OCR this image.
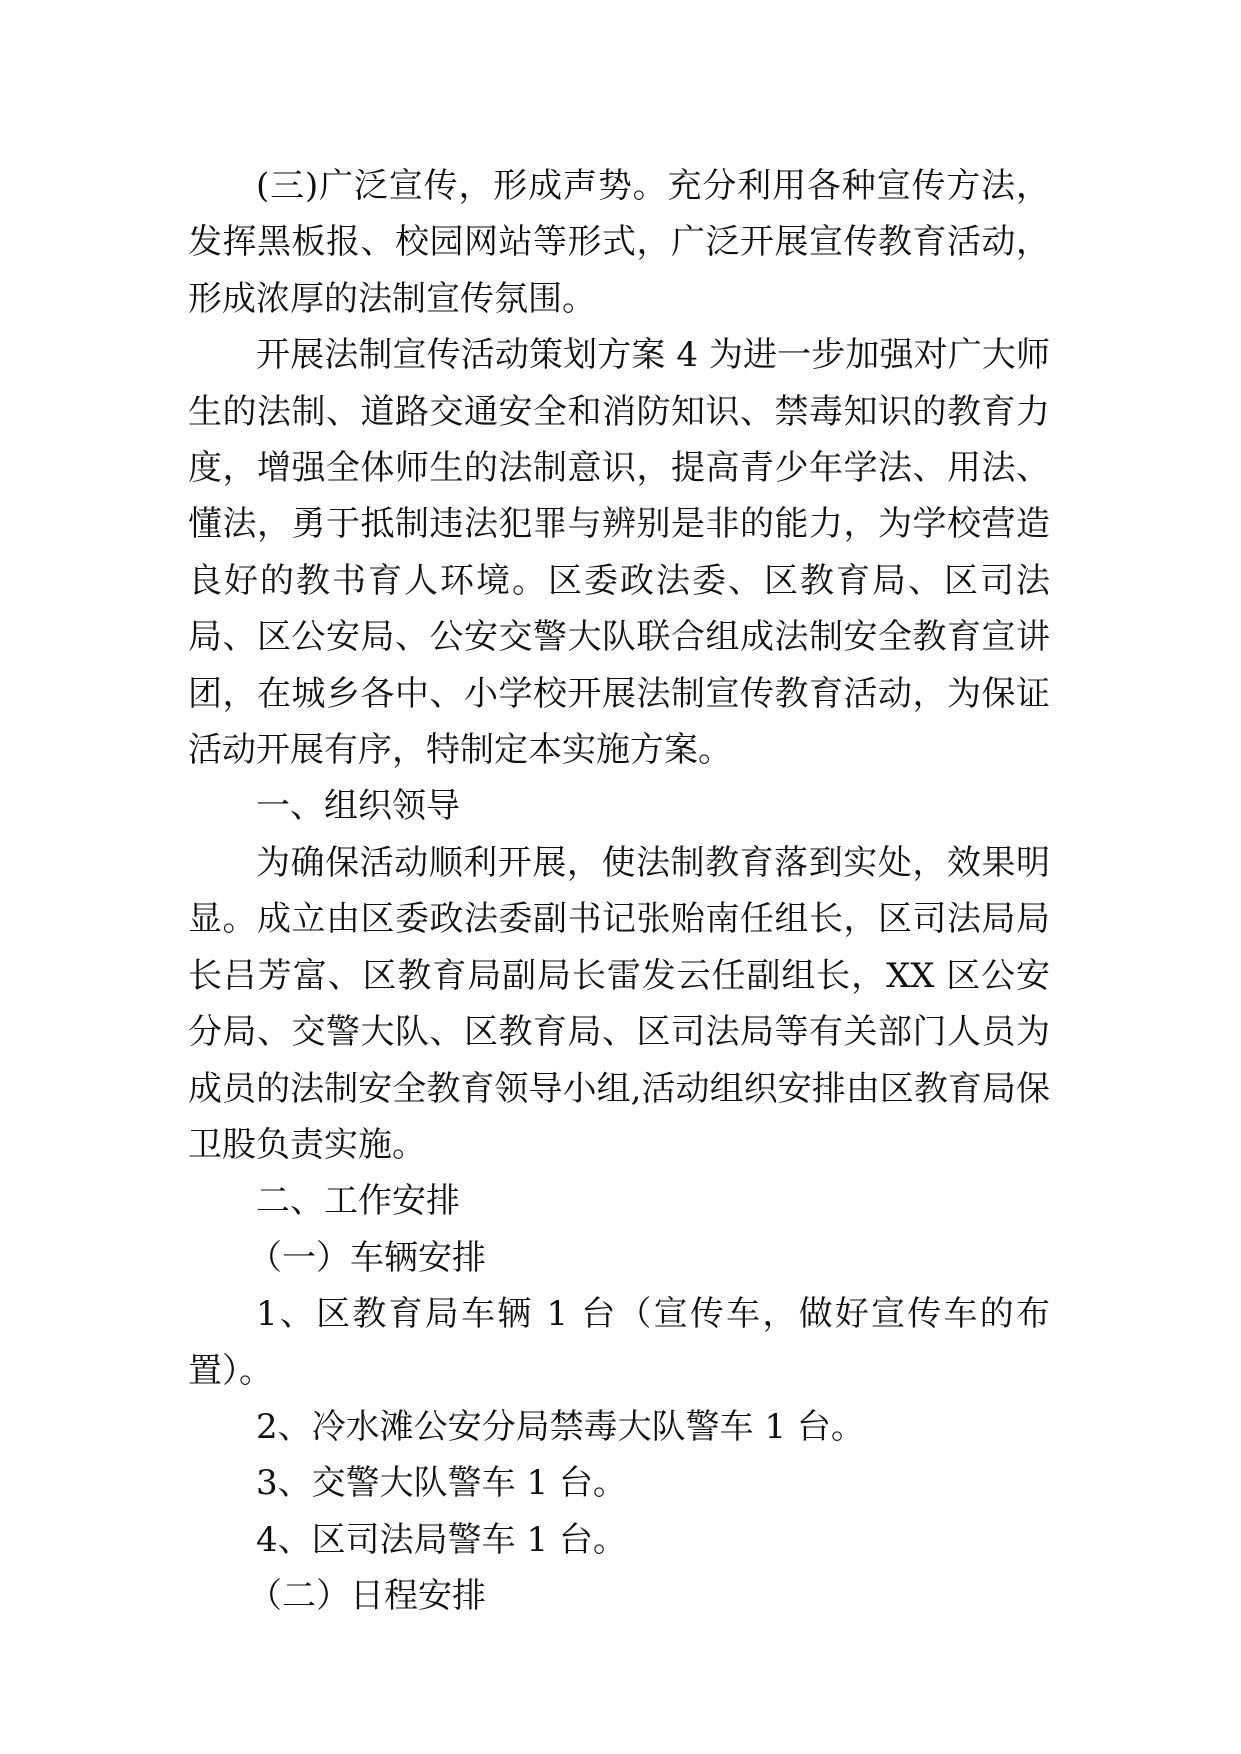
(三)广泛宣传，形成声势。充分利用各种宣传方法，发挥黑板报、校园网站等形式，广泛开展宣传教育活动，形成浓厚的法制宣传氛围。

开展法制宣传活动策划方案 4 为进一步加强对广大师生的法制、道路交通安全和消防知识、禁毒知识的教育力度，增强全体师生的法制意识，提高青少年学法、用法、懂法，勇于抵制违法犯罪与辨别是非的能力，为学校营造良好的教书育人环境。区委政法委、区教育局、区司法局、区公安局、公安交警大队联合组成法制安全教育宣讲团，在城乡各中、小学校开展法制宣传教育活动，为保证活动开展有序，特制定本实施方案。

一、组织领导

为确保活动顺利开展，使法制教育落到实处，效果明显。成立由区委政法委副书记张贻南任组长，区司法局局长吕芳富、区教育局副局长雷发云任副组长，XX 区公安分局、交警大队、区教育局、区司法局等有关部门人员为成员的法制安全教育领导小组,活动组织安排由区教育局保卫股负责实施。

二、工作安排

（一）车辆安排

1、区教育局车辆 1 台（宣传车，做好宣传车的布置）。

2、冷水滩公安分局禁毒大队警车 1 台。

3、交警大队警车 1 台。

4、区司法局警车 1 台。

（二）日程安排
